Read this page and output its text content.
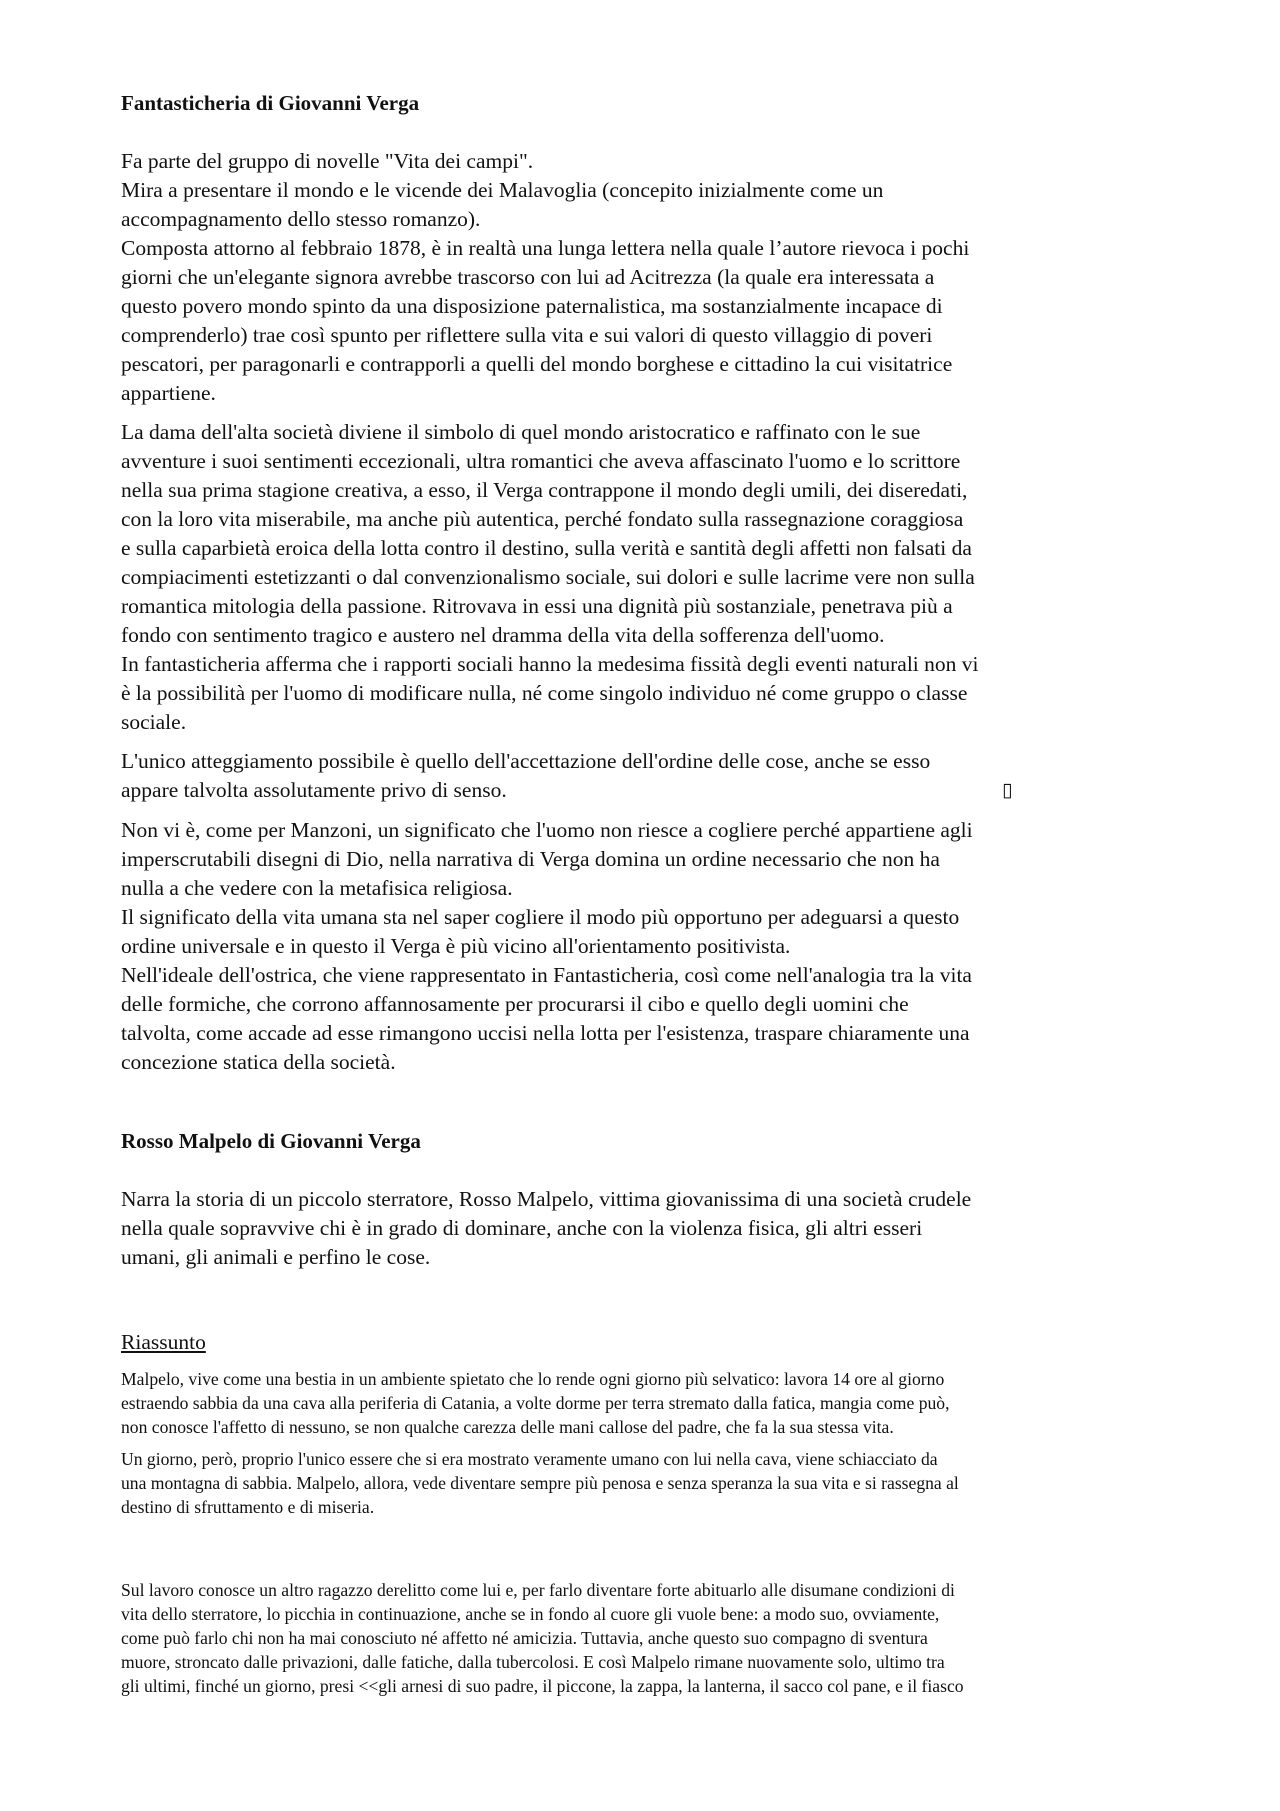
Fantasticheria di Giovanni Verga
Fa parte del gruppo di novelle "Vita dei campi".
Mira a presentare il mondo e le vicende dei Malavoglia (concepito inizialmente come un
accompagnamento dello stesso romanzo).
Composta attorno al febbraio 1878, è in realtà una lunga lettera nella quale l’autore rievoca i pochi
giorni che un'elegante signora avrebbe trascorso con lui ad Acitrezza (la quale era interessata a
questo povero mondo spinto da una disposizione paternalistica, ma sostanzialmente incapace di
comprenderlo) trae così spunto per riflettere sulla vita e sui valori di questo villaggio di poveri
pescatori, per paragonarli e contrapporli a quelli del mondo borghese e cittadino la cui visitatrice
appartiene.
La dama dell'alta società diviene il simbolo di quel mondo aristocratico e raffinato con le sue
avventure i suoi sentimenti eccezionali, ultra romantici che aveva affascinato l'uomo e lo scrittore
nella sua prima stagione creativa, a esso, il Verga contrappone il mondo degli umili, dei diseredati,
con la loro vita miserabile, ma anche più autentica, perché fondato sulla rassegnazione coraggiosa
e sulla caparbietà eroica della lotta contro il destino, sulla verità e santità degli affetti non falsati da
compiacimenti estetizzanti o dal convenzionalismo sociale, sui dolori e sulle lacrime vere non sulla
romantica mitologia della passione. Ritrovava in essi una dignità più sostanziale, penetrava più a
fondo con sentimento tragico e austero nel dramma della vita della sofferenza dell'uomo.
In fantasticheria afferma che i rapporti sociali hanno la medesima fissità degli eventi naturali non vi
è la possibilità per l'uomo di modificare nulla, né come singolo individuo né come gruppo o classe
sociale.
L'unico atteggiamento possibile è quello dell'accettazione dell'ordine delle cose, anche se esso
appare talvolta assolutamente privo di senso.	▯
Non vi è, come per Manzoni, un significato che l'uomo non riesce a cogliere perché appartiene agli
imperscrutabili disegni di Dio, nella narrativa di Verga domina un ordine necessario che non ha
nulla a che vedere con la metafisica religiosa.
Il significato della vita umana sta nel saper cogliere il modo più opportuno per adeguarsi a questo
ordine universale e in questo il Verga è più vicino all'orientamento positivista.
Nell'ideale dell'ostrica, che viene rappresentato in Fantasticheria, così come nell'analogia tra la vita
delle formiche, che corrono affannosamente per procurarsi il cibo e quello degli uomini che
talvolta, come accade ad esse rimangono uccisi nella lotta per l'esistenza, traspare chiaramente una
concezione statica della società.
Rosso Malpelo di Giovanni Verga
Narra la storia di un piccolo sterratore, Rosso Malpelo, vittima giovanissima di una società crudele
nella quale sopravvive chi è in grado di dominare, anche con la violenza fisica, gli altri esseri
umani, gli animali e perfino le cose.
Riassunto
Malpelo, vive come una bestia in un ambiente spietato che lo rende ogni giorno più selvatico: lavora 14 ore al giorno
estraendo sabbia da una cava alla periferia di Catania, a volte dorme per terra stremato dalla fatica, mangia come può,
non conosce l'affetto di nessuno, se non qualche carezza delle mani callose del padre, che fa la sua stessa vita.
Un giorno, però, proprio l'unico essere che si era mostrato veramente umano con lui nella cava, viene schiacciato da
una montagna di sabbia. Malpelo, allora, vede diventare sempre più penosa e senza speranza la sua vita e si rassegna al
destino di sfruttamento e di miseria.
Sul lavoro conosce un altro ragazzo derelitto come lui e, per farlo diventare forte abituarlo alle disumane condizioni di
vita dello sterratore, lo picchia in continuazione, anche se in fondo al cuore gli vuole bene: a modo suo, ovviamente,
come può farlo chi non ha mai conosciuto né affetto né amicizia. Tuttavia, anche questo suo compagno di sventura
muore, stroncato dalle privazioni, dalle fatiche, dalla tubercolosi. E così Malpelo rimane nuovamente solo, ultimo tra
gli ultimi, finché un giorno, presi <<gli arnesi di suo padre, il piccone, la zappa, la lanterna, il sacco col pane, e il fiasco
